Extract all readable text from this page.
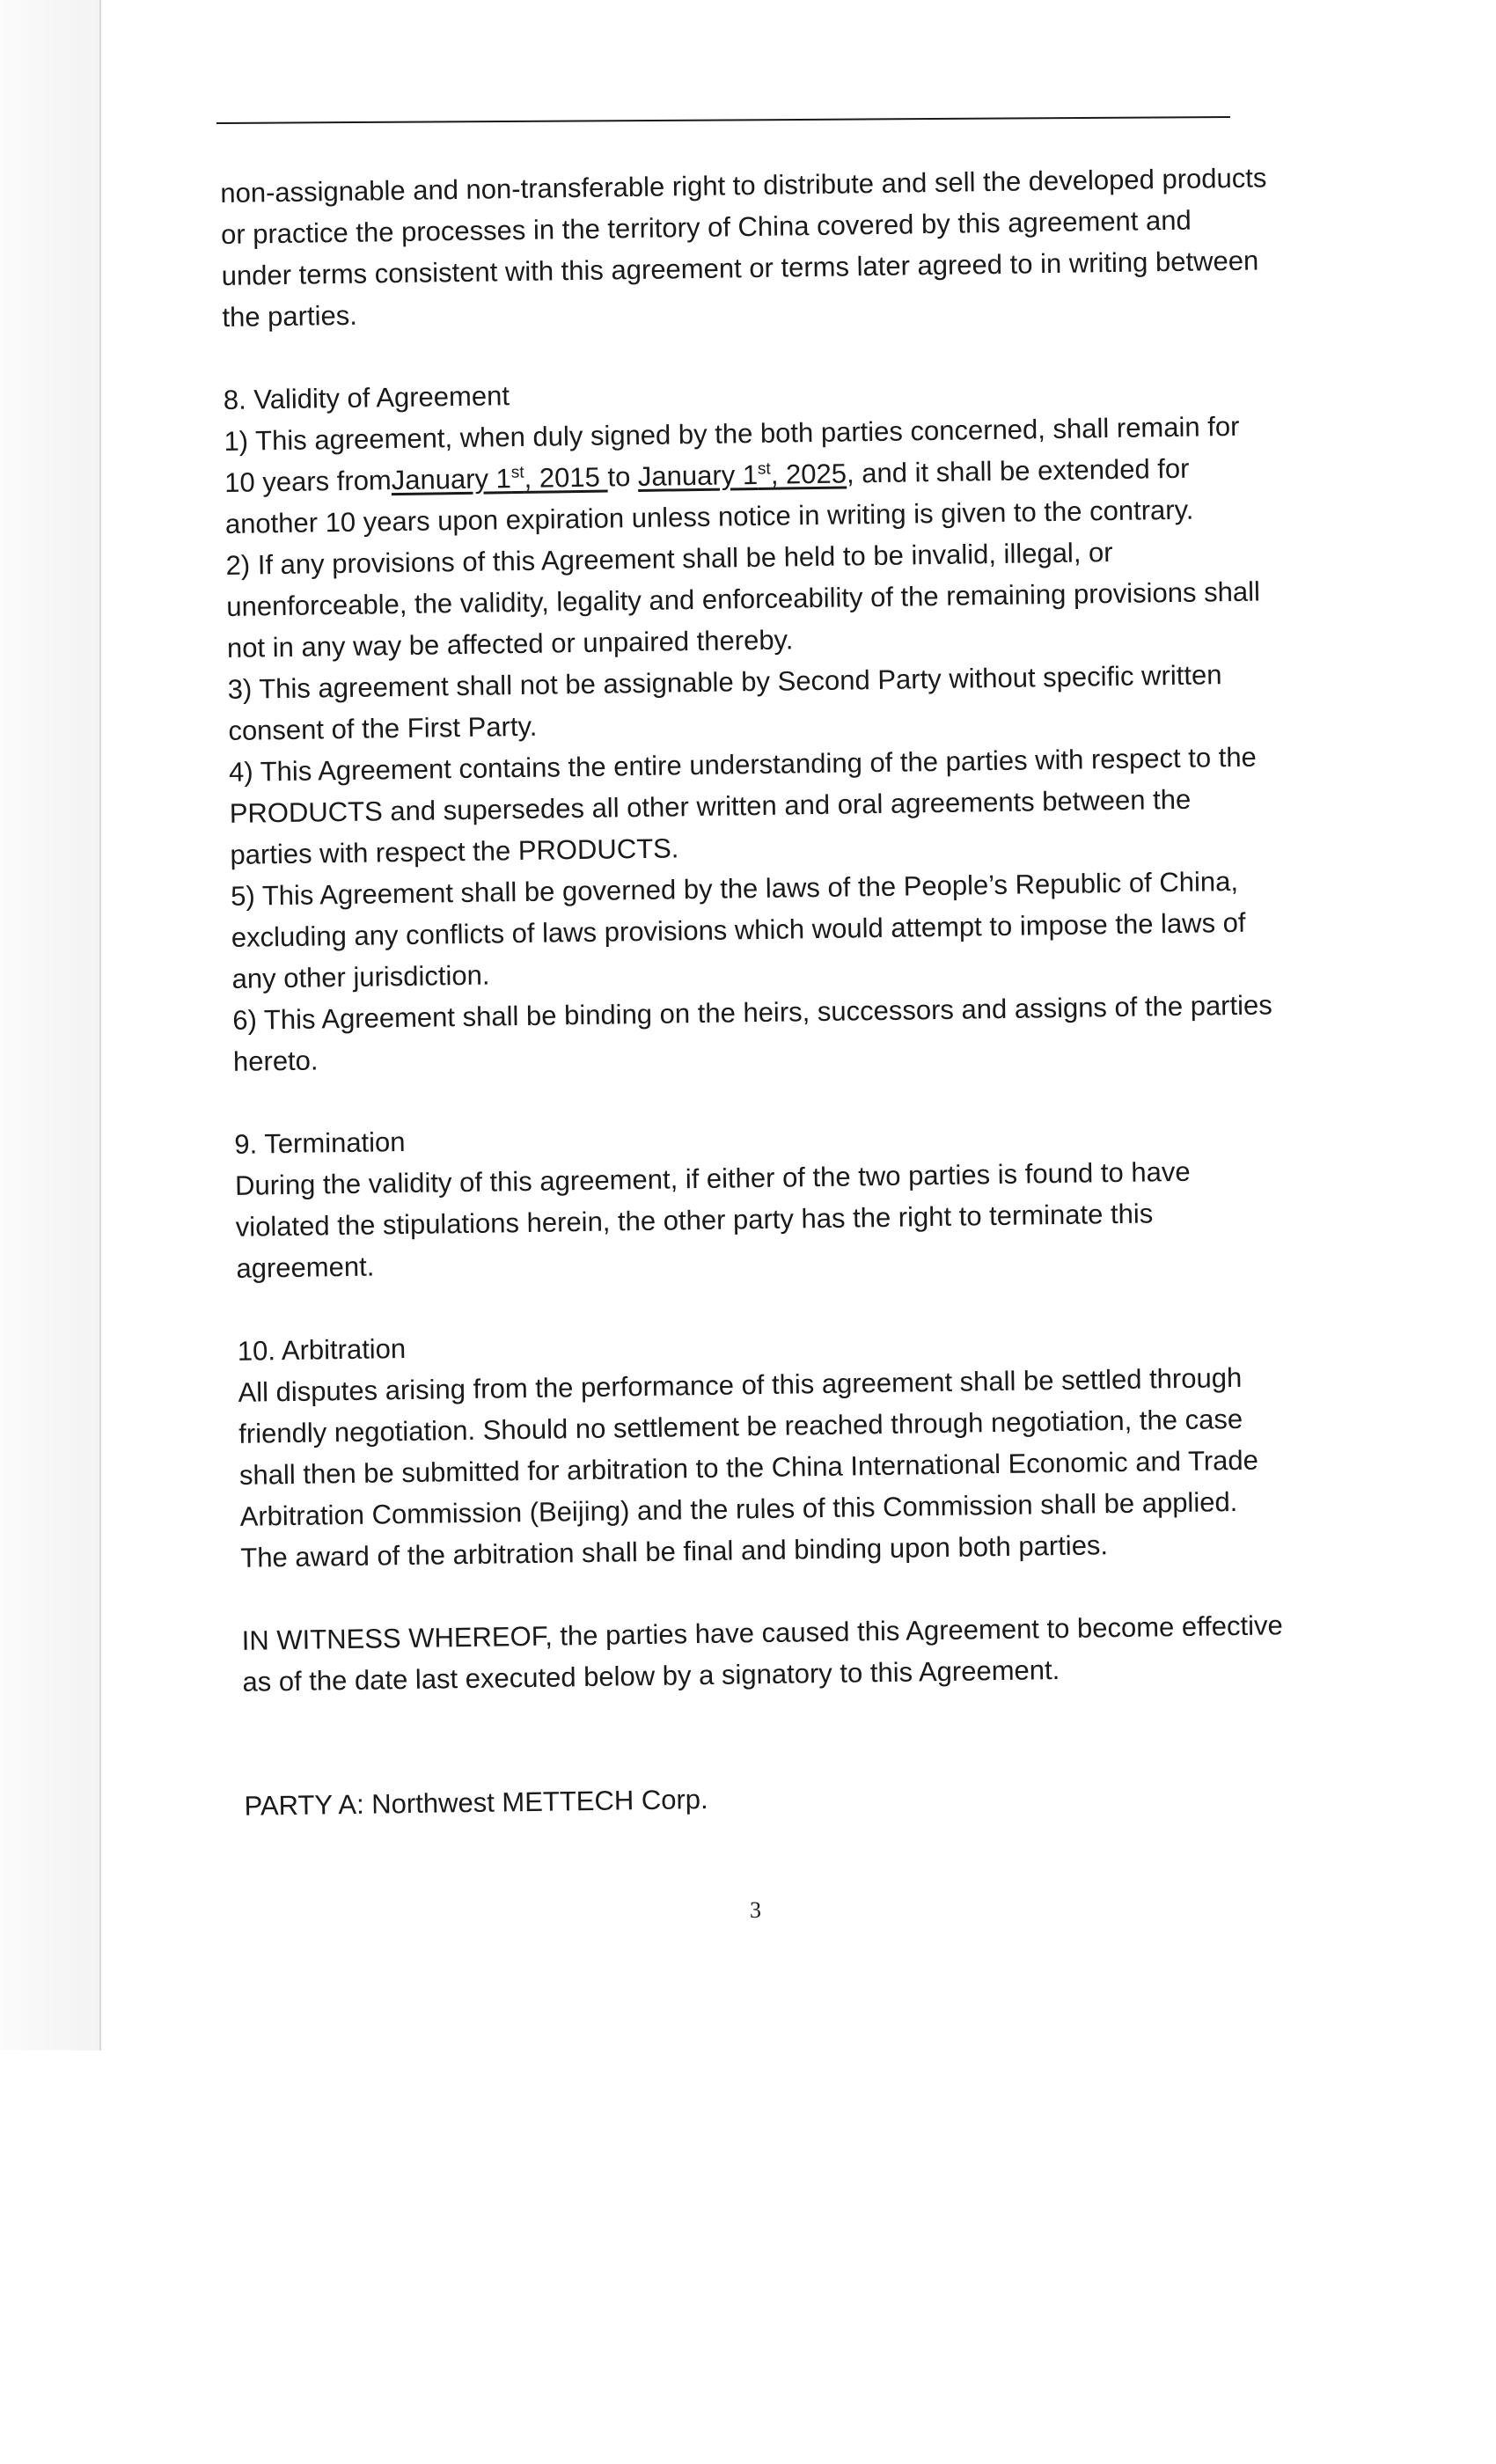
non-assignable and non-transferable right to distribute and sell the developed products or practice the processes in the territory of China covered by this agreement and under terms consistent with this agreement or terms later agreed to in writing between the parties.

8. Validity of Agreement

1) This agreement, when duly signed by the both parties concerned, shall remain for 10 years fromJanuary 1st, 2015 to January 1st, 2025, and it shall be extended for another 10 years upon expiration unless notice in writing is given to the contrary.

2) If any provisions of this Agreement shall be held to be invalid, illegal, or unenforceable, the validity, legality and enforceability of the remaining provisions shall not in any way be affected or unpaired thereby.

3) This agreement shall not be assignable by Second Party without specific written consent of the First Party.

4) This Agreement contains the entire understanding of the parties with respect to the PRODUCTS and supersedes all other written and oral agreements between the parties with respect the PRODUCTS.

5) This Agreement shall be governed by the laws of the People’s Republic of China, excluding any conflicts of laws provisions which would attempt to impose the laws of any other jurisdiction.

6) This Agreement shall be binding on the heirs, successors and assigns of the parties hereto.

9. Termination

During the validity of this agreement, if either of the two parties is found to have violated the stipulations herein, the other party has the right to terminate this agreement.

10. Arbitration

All disputes arising from the performance of this agreement shall be settled through friendly negotiation. Should no settlement be reached through negotiation, the case shall then be submitted for arbitration to the China International Economic and Trade Arbitration Commission (Beijing) and the rules of this Commission shall be applied. The award of the arbitration shall be final and binding upon both parties.

IN WITNESS WHEREOF, the parties have caused this Agreement to become effective as of the date last executed below by a signatory to this Agreement.

PARTY A: Northwest METTECH Corp.

3
